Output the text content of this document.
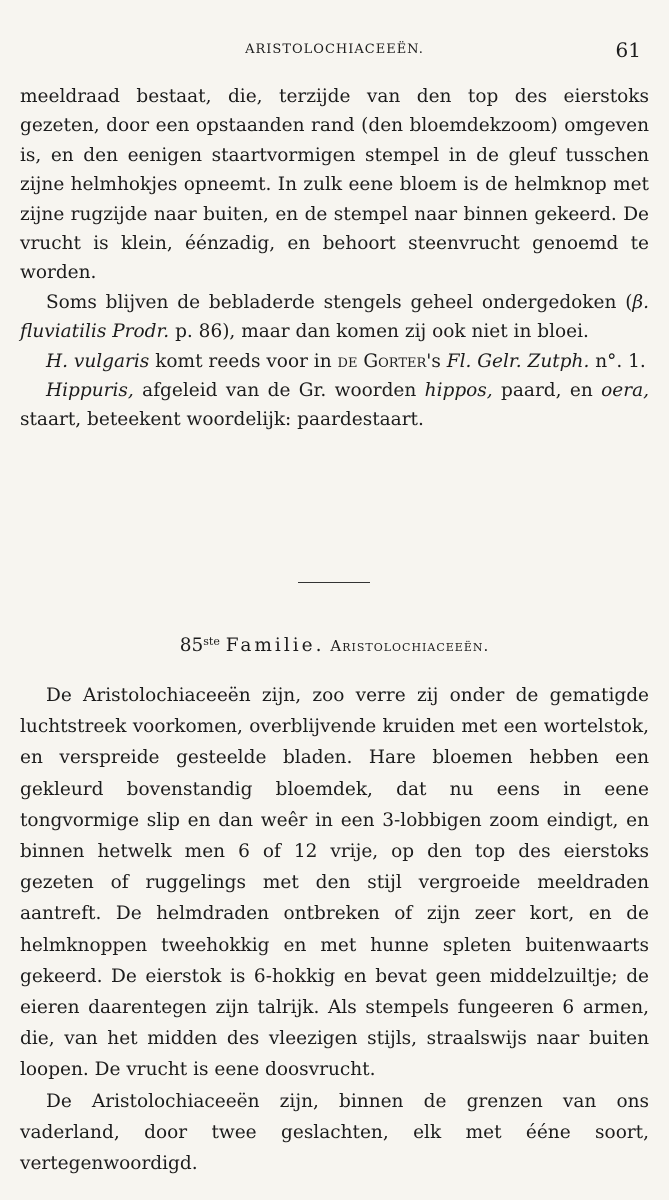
ARISTOLOCHIACEEËN.	61

meeldraad bestaat, die, terzijde van den top des eierstoks gezeten, door een opstaanden rand (den bloemdekzoom) omgeven is, en den eenigen staartvormigen stempel in de gleuf tusschen zijne helmhokjes opneemt. In zulk eene bloem is de helmknop met zijne rugzijde naar buiten, en de stempel naar binnen gekeerd. De vrucht is klein, éénzadig, en behoort steenvrucht genoemd te worden.

Soms blijven de bebladerde stengels geheel ondergedoken (β. fluviatilis Prodr. p. 86), maar dan komen zij ook niet in bloei.

H. vulgaris komt reeds voor in de Gorter's Fl. Gelr. Zutph. n°. 1.

Hippuris, afgeleid van de Gr. woorden hippos, paard, en oera, staart, beteekent woordelijk: paardestaart.

85ste Familie. Aristolochiaceeën.

De Aristolochiaceeën zijn, zoo verre zij onder de gematigde luchtstreek voorkomen, overblijvende kruiden met een wortelstok, en verspreide gesteelde bladen. Hare bloemen hebben een gekleurd bovenstandig bloemdek, dat nu eens in eene tongvormige slip en dan weêr in een 3-lobbigen zoom eindigt, en binnen hetwelk men 6 of 12 vrije, op den top des eierstoks gezeten of ruggelings met den stijl vergroeide meeldraden aantreft. De helmdraden ontbreken of zijn zeer kort, en de helmknoppen tweehokkig en met hunne spleten buitenwaarts gekeerd. De eierstok is 6-hokkig en bevat geen middelzuiltje; de eieren daarentegen zijn talrijk. Als stempels fungeeren 6 armen, die, van het midden des vleezigen stijls, straalswijs naar buiten loopen. De vrucht is eene doosvrucht.

De Aristolochiaceeën zijn, binnen de grenzen van ons vaderland, door twee geslachten, elk met ééne soort, vertegenwoordigd.
